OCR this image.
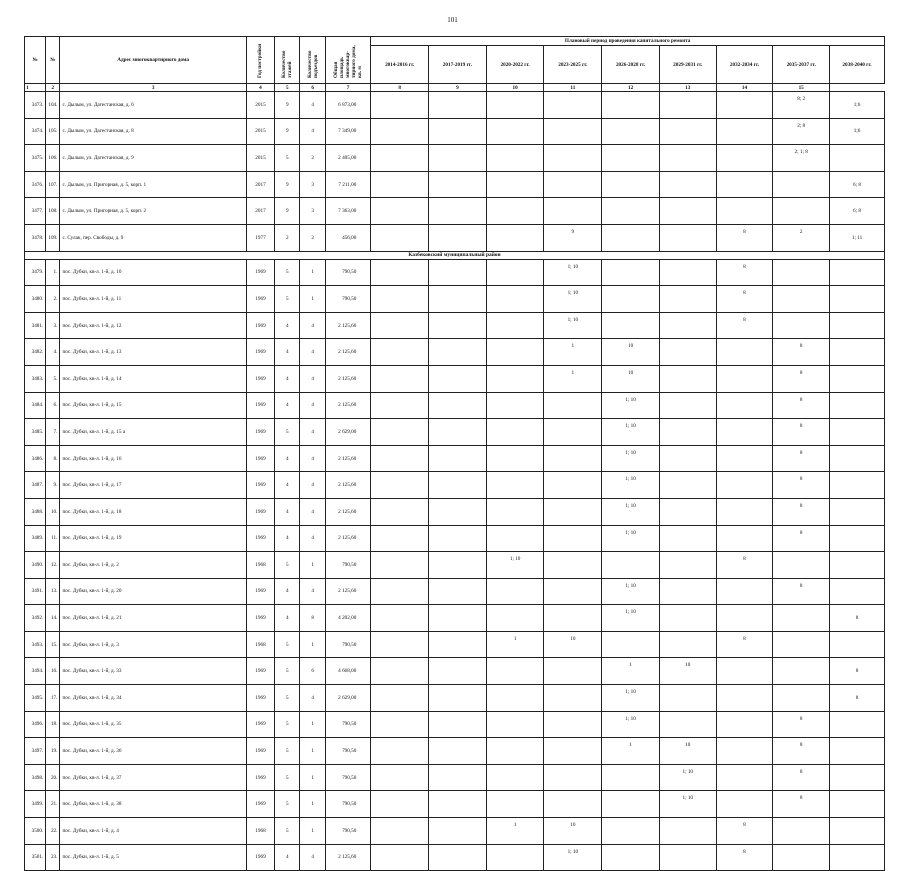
101
№	№	Адрес многоквартирного дома	Год постройки	Количество этажей	Количество подъездов	Общая площадь многоквар-тирного дома, кв. м	Плановый период проведения капитального ремонта								
							2014-2016 гг.	2017-2019 гг.	2020-2022 гг.	2023-2025 гг.	2026-2028 гг.	2029-2031 гг.	2032-2034 гг.	2035-2037 гг.	2038-2040 гг.
1	2	3	4	5	6	7	8	9	10	11	12	13	14	15	
3473.	104.	с. Дылым, ул. Дагестанская, д. 6	2015	9	4	6 873,00								8; 2	1;6
3474.	105.	с. Дылым, ул. Дагестанская, д. 8	2015	9	4	7 349,00								2; 8	1;6
3475.	106.	с. Дылым, ул. Дагестанская, д. 9	2015	5	2	2 405,00								2; 1; 8	
3476.	107.	с. Дылым, ул. Пригорная, д. 5, корп. 1	2017	9	3	7 211,00									6; 8
3477.	108.	с. Дылым, ул. Пригорная, д. 5, корп. 2	2017	9	3	7 363,00									6; 8
3478.	109.	с. Сулак, пер. Свободы, д. 9	1977	2	2	456,00				9			8	2	1; 11
Казбековский муниципальный район															
3479.	1.	пос. Дубки, кв-л. 1-й, д. 10	1969	5	1	790,50				1; 10			8		
3480.	2.	пос. Дубки, кв-л. 1-й, д. 11	1969	5	1	790,50				1; 10			8		
3481.	3.	пос. Дубки, кв-л. 1-й, д. 12	1969	4	4	2 125,60				1; 10			8		
3482.	4.	пос. Дубки, кв-л. 1-й, д. 13	1969	4	4	2 125,60				1	10			8	
3483.	5.	пос. Дубки, кв-л. 1-й, д. 14	1969	4	4	2 125,60				1	10			8	
3484.	6.	пос. Дубки, кв-л. 1-й, д. 15	1969	4	4	2 125,60					1; 10			8	
3485.	7.	пос. Дубки, кв-л. 1-й, д. 15 а	1969	5	4	2 629,00					1; 10			8	
3486.	8.	пос. Дубки, кв-л. 1-й, д. 16	1969	4	4	2 125,60					1; 10			8	
3487.	9.	пос. Дубки, кв-л. 1-й, д. 17	1969	4	4	2 125,60					1; 10			8	
3488.	10.	пос. Дубки, кв-л. 1-й, д. 18	1969	4	4	2 125,60					1; 10			8	
3489.	11.	пос. Дубки, кв-л. 1-й, д. 19	1969	4	4	2 125,60					1; 10			8	
3490.	12.	пос. Дубки, кв-л. 1-й, д. 2	1968	5	1	790,50			1; 10				8		
3491.	13.	пос. Дубки, кв-л. 1-й, д. 20	1969	4	4	2 125,60					1; 10			8	
3492.	14.	пос. Дубки, кв-л. 1-й, д. 21	1969	4	8	4 202,00					1; 10				8
3493.	15.	пос. Дубки, кв-л. 1-й, д. 3	1968	5	1	790,50			1	10			8		
3494.	16.	пос. Дубки, кв-л. 1-й, д. 33	1969	5	6	4 668,00					1	10			8
3495.	17.	пос. Дубки, кв-л. 1-й, д. 34	1969	5	4	2 629,00					1; 10				8
3496.	18.	пос. Дубки, кв-л. 1-й, д. 35	1969	5	1	790,50					1; 10			8	
3497.	19.	пос. Дубки, кв-л. 1-й, д. 36	1969	5	1	790,50					1	10		8	
3498.	20.	пос. Дубки, кв-л. 1-й, д. 37	1969	5	1	790,50						1; 10		8	
3499.	21.	пос. Дубки, кв-л. 1-й, д. 38	1969	5	1	790,50						1; 10		8	
3500.	22.	пос. Дубки, кв-л. 1-й, д. 4	1968	5	1	790,50			1	10			8		
3501.	23.	пос. Дубки, кв-л. 1-й, д. 5	1969	4	4	2 125,60				1; 10			8		
